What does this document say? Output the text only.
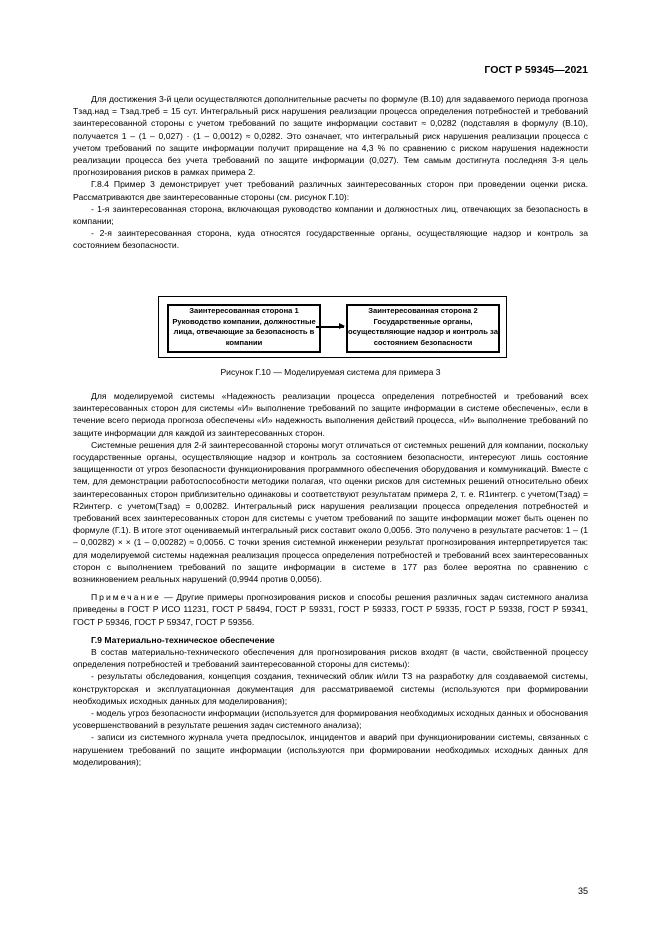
ГОСТ Р 59345—2021

Для достижения 3-й цели осуществляются дополнительные расчеты по формуле (В.10) для задаваемого периода прогноза Tзад.над = Tзад.треб = 15 сут. Интегральный риск нарушения реализации процесса определения потребностей и требований заинтересованной стороны с учетом требований по защите информации составит ≈ 0,0282 (подставляя в формулу (В.10), получается 1 – (1 – 0,027) · (1 – 0,0012) ≈ 0,0282. Это означает, что интегральный риск нарушения реализации процесса с учетом требований по защите информации получит приращение на 4,3 % по сравнению с риском нарушения надежности реализации процесса без учета требований по защите информации (0,027). Тем самым достигнута последняя 3-я цель прогнозирования рисков в рамках примера 2.

Г.8.4 Пример 3 демонстрирует учет требований различных заинтересованных сторон при проведении оценки риска. Рассматриваются две заинтересованные стороны (см. рисунок Г.10):

- 1-я заинтересованная сторона, включающая руководство компании и должностных лиц, отвечающих за безопасность в компании;

- 2-я заинтересованная сторона, куда относятся государственные органы, осуществляющие надзор и контроль за состоянием безопасности.

Заинтересованная сторона 1 Руководство компании, должностные лица, отвечающие за безопасность в компании
Заинтересованная сторона 2 Государственные органы, осуществляющие надзор и контроль за состоянием безопасности
Рисунок Г.10 — Моделируемая система для примера 3

Для моделируемой системы «Надежность реализации процесса определения потребностей и требований всех заинтересованных сторон для системы «И» выполнение требований по защите информации в системе обеспечены», если в течение всего периода прогноза обеспечены «И» надежность выполнения действий процесса, «И» выполнение требований по защите информации для каждой из заинтересованных сторон.

Системные решения для 2-й заинтересованной стороны могут отличаться от системных решений для компании, поскольку государственные органы, осуществляющие надзор и контроль за состоянием безопасности, интересуют лишь состояние защищенности от угроз безопасности функционирования программного обеспечения оборудования и коммуникаций. Вместе с тем, для демонстрации работоспособности методики полагая, что оценки рисков для системных решений относительно обеих заинтересованных сторон приблизительно одинаковы и соответствуют результатам примера 2, т. е. R1интегр. с учетом(Tзад) = R2интегр. с учетом(Tзад) = 0,00282. Интегральный риск нарушения реализации процесса определения потребностей и требований всех заинтересованных сторон для системы с учетом требований по защите информации может быть оценен по формуле (Г.1). В итоге этот оцениваемый интегральный риск составит около 0,0056. Это получено в результате расчетов: 1 – (1 – 0,00282) × × (1 – 0,00282) ≈ 0,0056. С точки зрения системной инженерии результат прогнозирования интерпретируется так: для моделируемой системы надежная реализация процесса определения потребностей и требований всех заинтересованных сторон с выполнением требований по защите информации в системе в 177 раз более вероятна по сравнению с возникновением реальных нарушений (0,9944 против 0,0056).

Примечание — Другие примеры прогнозирования рисков и способы решения различных задач системного анализа приведены в ГОСТ Р ИСО 11231, ГОСТ Р 58494, ГОСТ Р 59331, ГОСТ Р 59333, ГОСТ Р 59335, ГОСТ Р 59338, ГОСТ Р 59341, ГОСТ Р 59346, ГОСТ Р 59347, ГОСТ Р 59356.

Г.9 Материально-техническое обеспечение

В состав материально-технического обеспечения для прогнозирования рисков входят (в части, свойственной процессу определения потребностей и требований заинтересованной стороны для системы):

- результаты обследования, концепция создания, технический облик и/или ТЗ на разработку для создаваемой системы, конструкторская и эксплуатационная документация для рассматриваемой системы (используются при формировании необходимых исходных данных для моделирования);

- модель угроз безопасности информации (используется для формирования необходимых исходных данных и обоснования усовершенствований в результате решения задач системного анализа);

- записи из системного журнала учета предпосылок, инцидентов и аварий при функционировании системы, связанных с нарушением требований по защите информации (используются при формировании необходимых исходных данных для моделирования);

35
